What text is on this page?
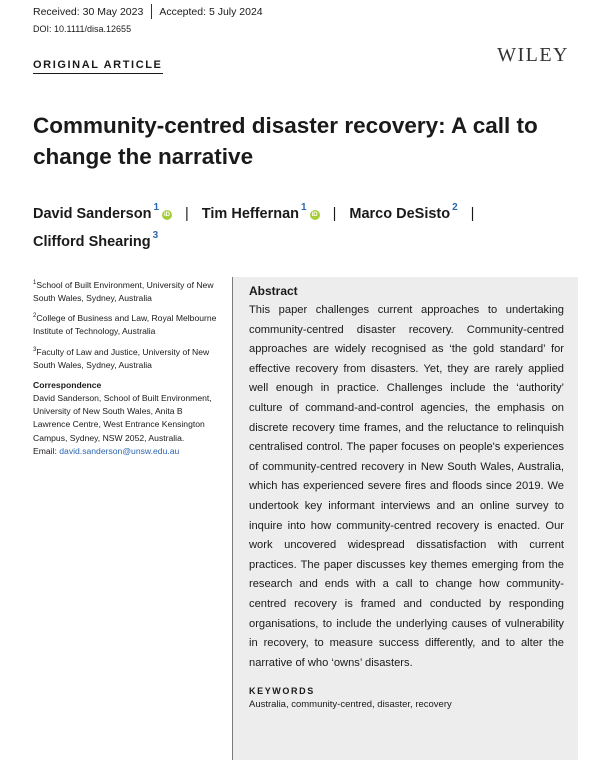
Received: 30 May 2023 Accepted: 5 July 2024
DOI: 10.1111/disa.12655
WILEY
ORIGINAL ARTICLE
Community-centred disaster recovery: A call to change the narrative
David Sanderson $^1$iD | Tim Heffernan $^1$iD | Marco DeSisto $^2$ |
Clifford Shearing $^3$
$^1$School of Built Environment, University of New South Wales, Sydney, Australia
$^2$College of Business and Law, Royal Melbourne Institute of Technology, Australia
$^3$Faculty of Law and Justice, University of New South Wales, Sydney, Australia
Correspondence
David Sanderson, School of Built Environment, University of New South Wales, Anita B Lawrence Centre, West Entrance Kensington Campus, Sydney, NSW 2052, Australia.
Email: david.sanderson@unsw.edu.au
Abstract

This paper challenges current approaches to undertaking community-centred disaster recovery. Community-centred approaches are widely recognised as ‘the gold standard’ for effective recovery from disasters. Yet, they are rarely applied well enough in practice. Challenges include the ‘authority’ culture of command-and-control agencies, the emphasis on discrete recovery time frames, and the reluctance to relinquish centralised control. The paper focuses on people's experiences of community-centred recovery in New South Wales, Australia, which has experienced severe fires and floods since 2019. We undertook key informant interviews and an online survey to inquire into how community-centred recovery is enacted. Our work uncovered widespread dissatisfaction with current practices. The paper discusses key themes emerging from the research and ends with a call to change how community-centred recovery is framed and conducted by responding organisations, to include the underlying causes of vulnerability in recovery, to measure success differently, and to alter the narrative of who ‘owns’ disasters.

KEYWORDS
Australia, community-centred, disaster, recovery
